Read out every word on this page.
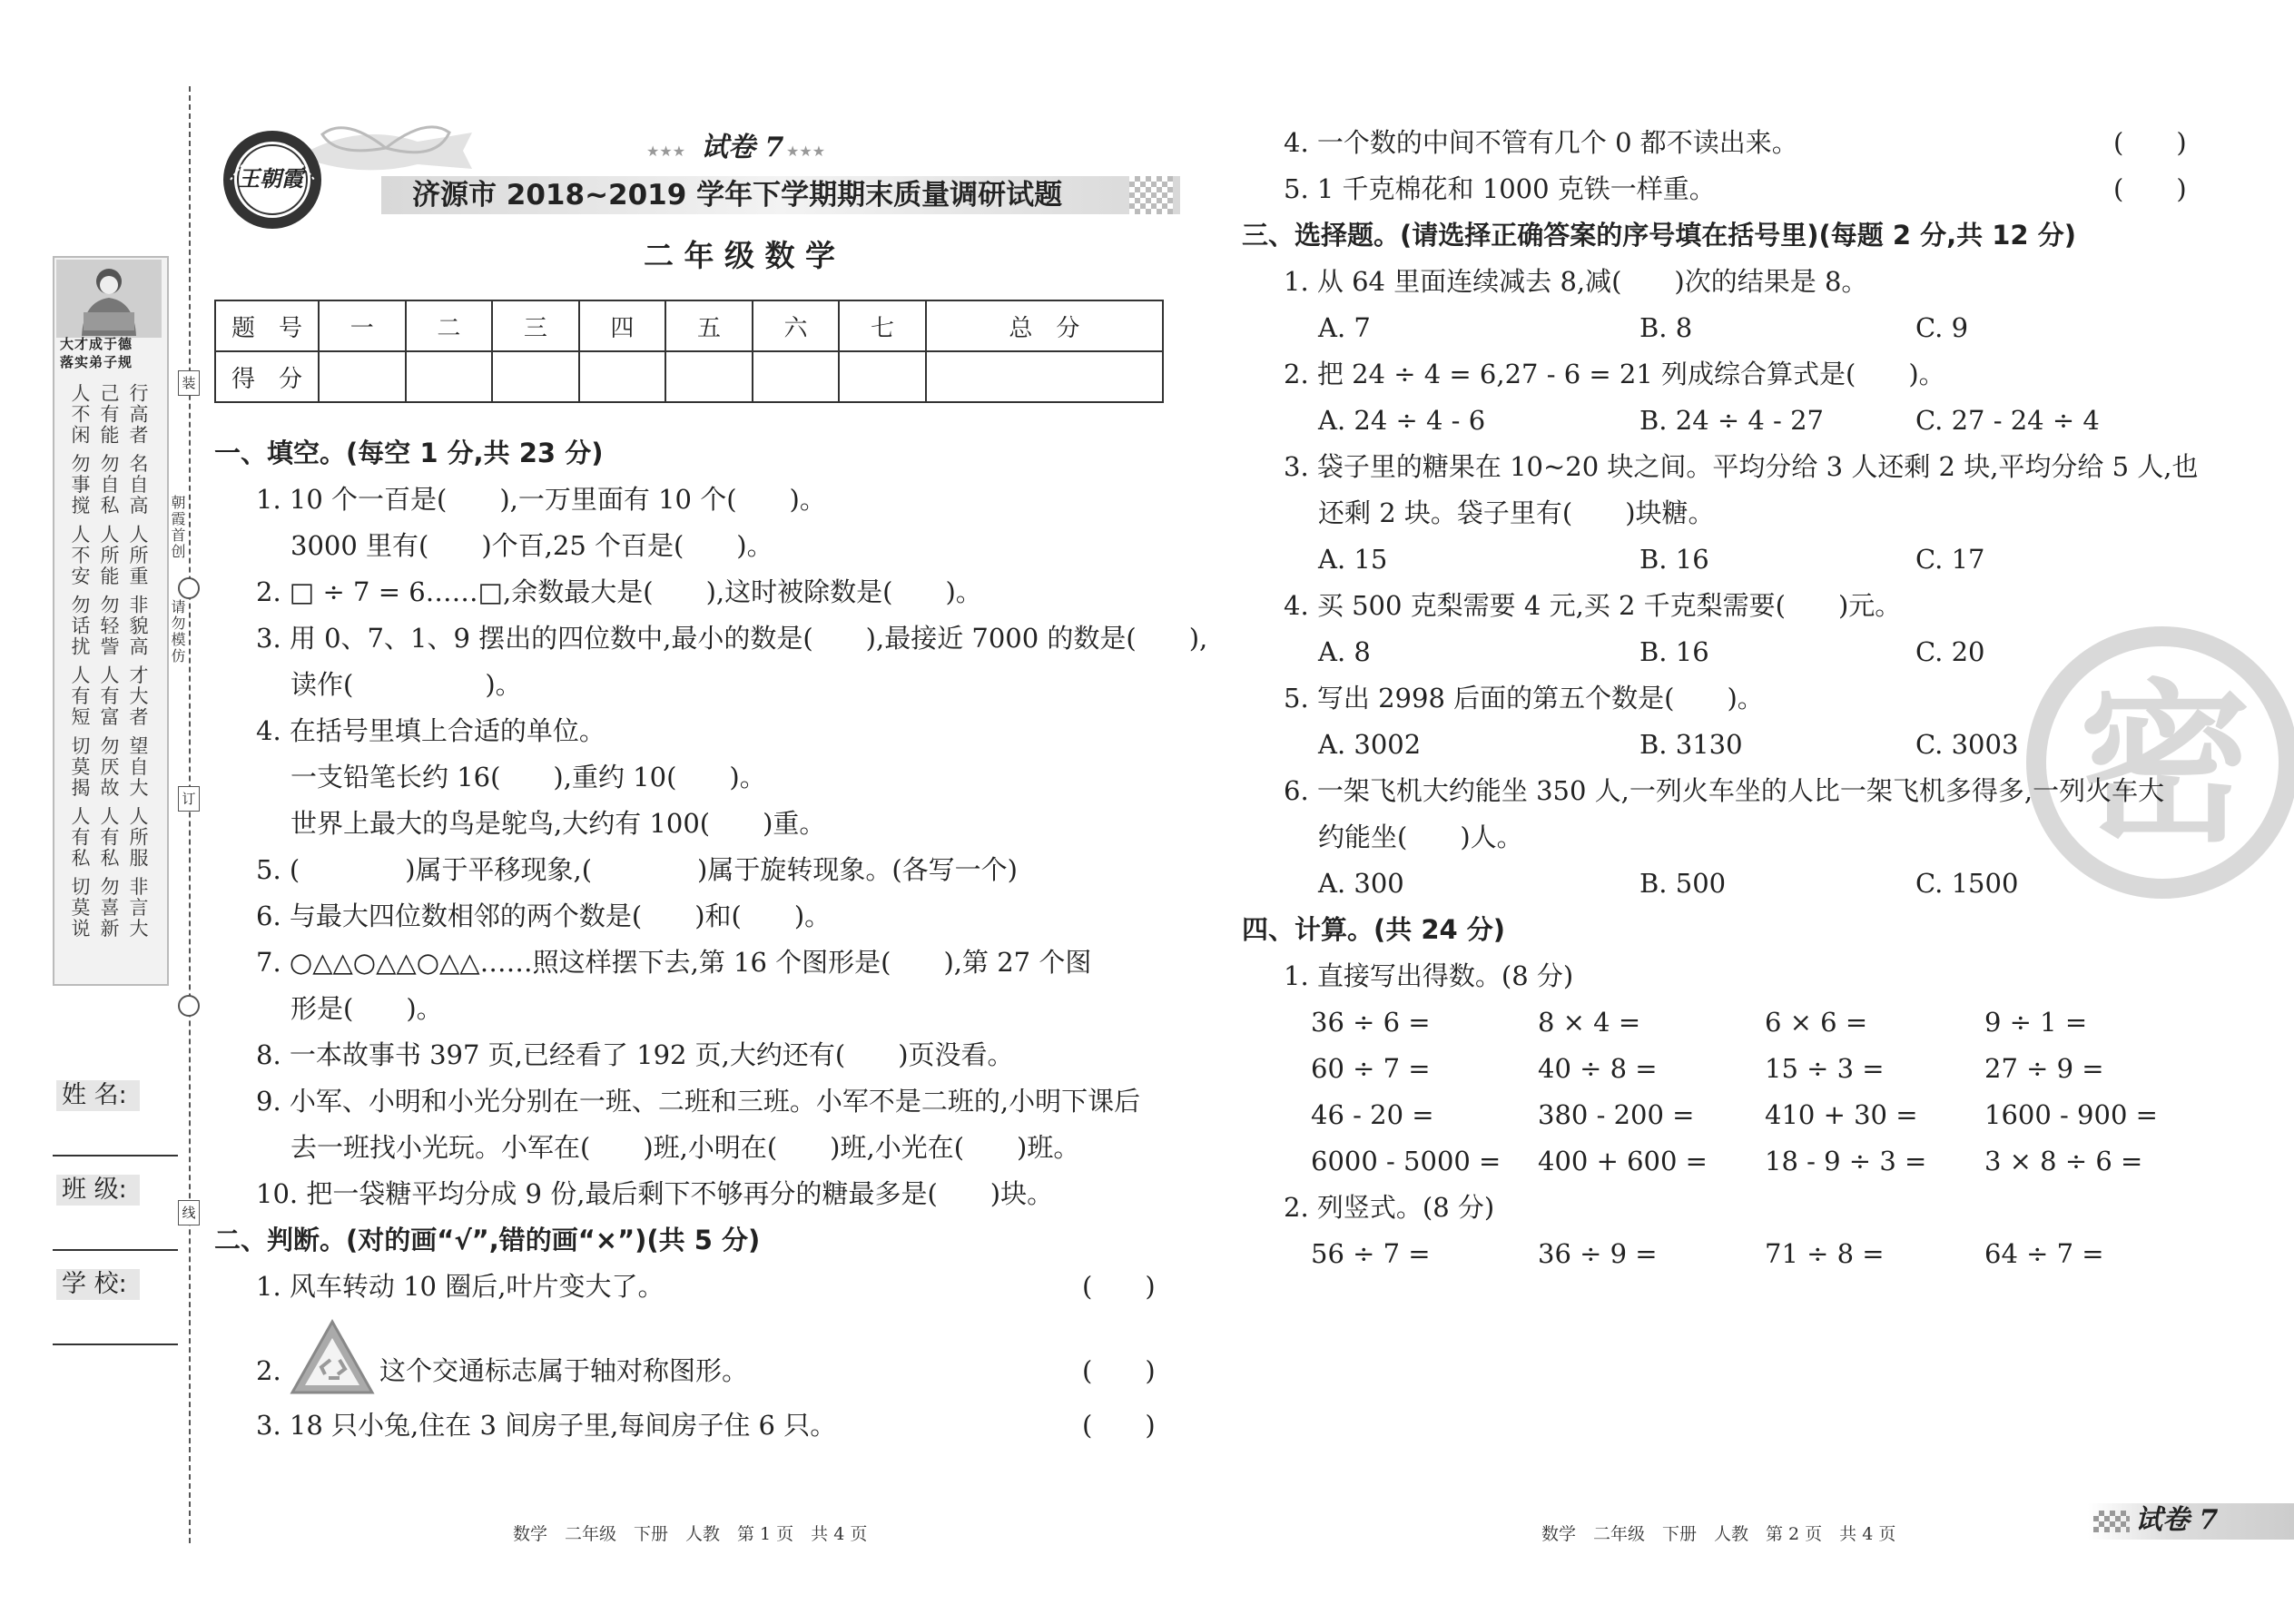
大才成于德
落实弟子规
行高者 名自高 人所重 非貌高 才大者 望自大 人所服 非言大
己有能 勿自私 人所能 勿轻訾 人有富 勿厌故 人有私 勿喜新
人不闲 勿事搅 人不安 勿话扰 人有短 切莫揭 人有私 切莫说	朝霞首创
请勿模仿
装
订
线
姓 名:
班 级:
学 校:
王朝霞
★★★ 试卷 7 ★★★
济源市 2018~2019 学年下学期期末质量调研试题
二 年 级 数 学
题　号	一	二	三	四	五	六	七	总　分
得　分								
一、填空。(每空 1 分,共 23 分)
1. 10 个一百是(　　),一万里面有 10 个(　　)。
3000 里有(　　)个百,25 个百是(　　)。
2. □ ÷ 7 = 6……□,余数最大是(　　),这时被除数是(　　)。
3. 用 0、7、1、9 摆出的四位数中,最小的数是(　　),最接近 7000 的数是(　　),
读作(　　　　　)。
4. 在括号里填上合适的单位。
一支铅笔长约 16(　　),重约 10(　　)。
世界上最大的鸟是鸵鸟,大约有 100(　　)重。
5. (　　　　)属于平移现象,(　　　　)属于旋转现象。(各写一个)
6. 与最大四位数相邻的两个数是(　　)和(　　)。
7. ○△△○△△○△△……照这样摆下去,第 16 个图形是(　　),第 27 个图
形是(　　)。
8. 一本故事书 397 页,已经看了 192 页,大约还有(　　)页没看。
9. 小军、小明和小光分别在一班、二班和三班。小军不是二班的,小明下课后
去一班找小光玩。小军在(　　)班,小明在(　　)班,小光在(　　)班。
10. 把一袋糖平均分成 9 份,最后剩下不够再分的糖最多是(　　)块。
二、判断。(对的画“√”,错的画“×”)(共 5 分)
1. 风车转动 10 圈后,叶片变大了。	(　　)
2.	这个交通标志属于轴对称图形。	(　　)
3. 18 只小兔,住在 3 间房子里,每间房子住 6 只。	(　　)
数学　二年级　下册　人教　第 1 页　共 4 页
密
4. 一个数的中间不管有几个 0 都不读出来。	(　　)
5. 1 千克棉花和 1000 克铁一样重。	(　　)
三、选择题。(请选择正确答案的序号填在括号里)(每题 2 分,共 12 分)
1. 从 64 里面连续减去 8,减(　　)次的结果是 8。
A. 7	B. 8	C. 9
2. 把 24 ÷ 4 = 6,27 - 6 = 21 列成综合算式是(　　)。
A. 24 ÷ 4 - 6	B. 24 ÷ 4 - 27	C. 27 - 24 ÷ 4
3. 袋子里的糖果在 10~20 块之间。平均分给 3 人还剩 2 块,平均分给 5 人,也
还剩 2 块。袋子里有(　　)块糖。
A. 15	B. 16	C. 17
4. 买 500 克梨需要 4 元,买 2 千克梨需要(　　)元。
A. 8	B. 16	C. 20
5. 写出 2998 后面的第五个数是(　　)。
A. 3002	B. 3130	C. 3003
6. 一架飞机大约能坐 350 人,一列火车坐的人比一架飞机多得多,一列火车大
约能坐(　　)人。
A. 300	B. 500	C. 1500
四、计算。(共 24 分)
1. 直接写出得数。(8 分)
36 ÷ 6 =	8 × 4 =	6 × 6 =	9 ÷ 1 =
60 ÷ 7 =	40 ÷ 8 =	15 ÷ 3 =	27 ÷ 9 =
46 - 20 =	380 - 200 =	410 + 30 =	1600 - 900 =
6000 - 5000 = 400 + 600 = 18 - 9 ÷ 3 = 3 × 8 ÷ 6 =
2. 列竖式。(8 分)
56 ÷ 7 =	36 ÷ 9 =	71 ÷ 8 =	64 ÷ 7 =
数学　二年级　下册　人教　第 2 页　共 4 页	试卷 7
